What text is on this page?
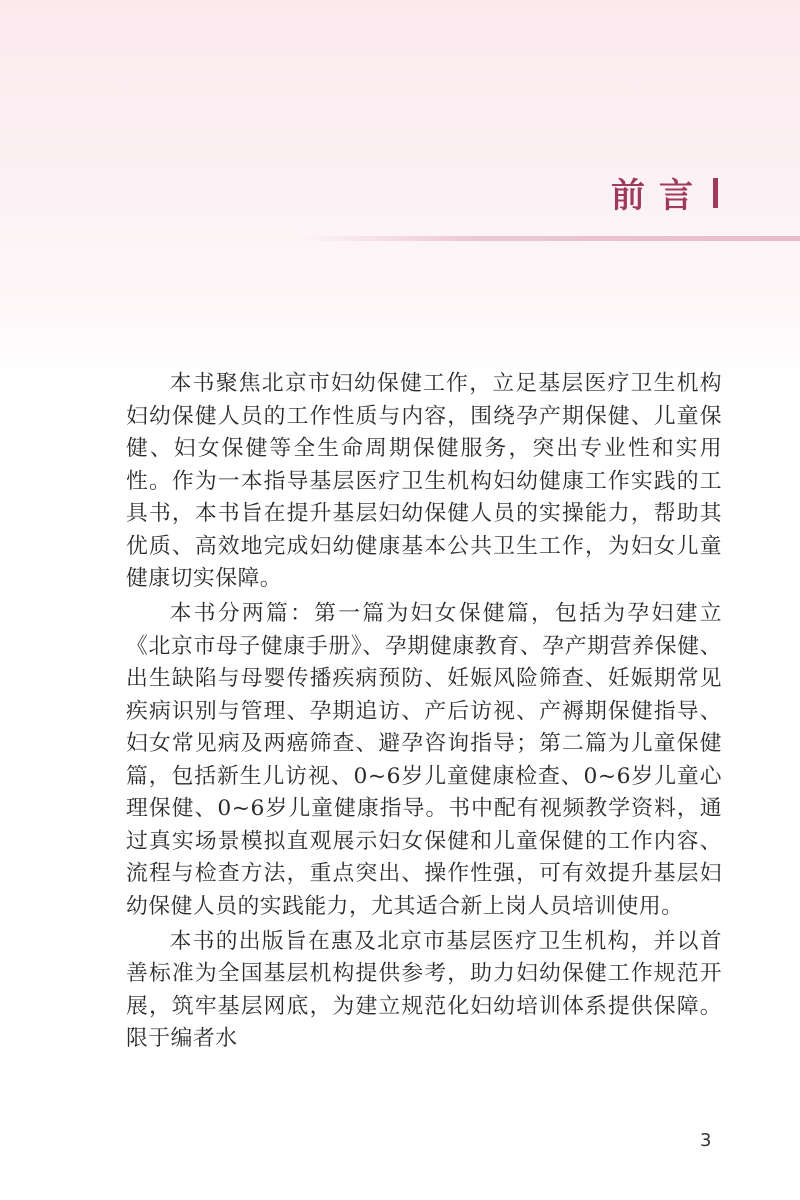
前言

本书聚焦北京市妇幼保健工作，立足基层医疗卫生机构妇幼保健人员的工作性质与内容，围绕孕产期保健、儿童保健、妇女保健等全生命周期保健服务，突出专业性和实用性。作为一本指导基层医疗卫生机构妇幼健康工作实践的工具书，本书旨在提升基层妇幼保健人员的实操能力，帮助其优质、高效地完成妇幼健康基本公共卫生工作，为妇女儿童健康切实保障。

本书分两篇：第一篇为妇女保健篇，包括为孕妇建立《北京市母子健康手册》、孕期健康教育、孕产期营养保健、出生缺陷与母婴传播疾病预防、妊娠风险筛查、妊娠期常见疾病识别与管理、孕期追访、产后访视、产褥期保健指导、妇女常见病及两癌筛查、避孕咨询指导；第二篇为儿童保健篇，包括新生儿访视、0~6岁儿童健康检查、0~6岁儿童心理保健、0~6岁儿童健康指导。书中配有视频教学资料，通过真实场景模拟直观展示妇女保健和儿童保健的工作内容、流程与检查方法，重点突出、操作性强，可有效提升基层妇幼保健人员的实践能力，尤其适合新上岗人员培训使用。

本书的出版旨在惠及北京市基层医疗卫生机构，并以首善标准为全国基层机构提供参考，助力妇幼保健工作规范开展，筑牢基层网底，为建立规范化妇幼培训体系提供保障。限于编者水

3
